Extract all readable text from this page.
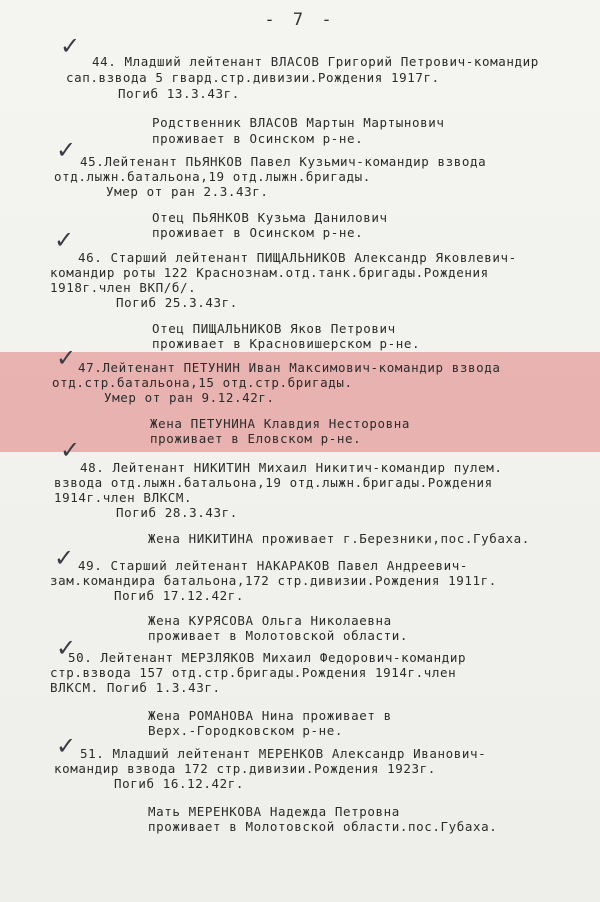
- 7 -
✓
✓
✓
✓
✓
✓
✓
✓
44. Младший лейтенант ВЛАСОВ Григорий Петрович-командир
сап.взвода 5 гвард.стр.дивизии.Рождения 1917г.
Погиб 13.3.43г.
Родственник ВЛАСОВ Мартын Мартынович
проживает в Осинском р-не.
45.Лейтенант ПЬЯНКОВ Павел Кузьмич-командир взвода
отд.лыжн.батальона,19 отд.лыжн.бригады.
Умер от ран 2.3.43г.
Отец ПЬЯНКОВ Кузьма Данилович
проживает в Осинском р-не.
46. Старший лейтенант ПИЩАЛЬНИКОВ Александр Яковлевич-
командир роты 122 Краснознам.отд.танк.бригады.Рождения
1918г.член ВКП/б/.
Погиб 25.3.43г.
Отец ПИЩАЛЬНИКОВ Яков Петрович
проживает в Красновишерском р-не.
47.Лейтенант ПЕТУНИН Иван Максимович-командир взвода
отд.стр.батальона,15 отд.стр.бригады.
Умер от ран 9.12.42г.
Жена ПЕТУНИНА Клавдия Несторовна
проживает в Еловском р-не.
48. Лейтенант НИКИТИН Михаил Никитич-командир пулем.
взвода отд.лыжн.батальона,19 отд.лыжн.бригады.Рождения
1914г.член ВЛКСМ.
Погиб 28.3.43г.
Жена НИКИТИНА проживает г.Березники,пос.Губаха.
49. Старший лейтенант НАКАРАКОВ Павел Андреевич-
зам.командира батальона,172 стр.дивизии.Рождения 1911г.
Погиб 17.12.42г.
Жена КУРЯСОВА Ольга Николаевна
проживает в Молотовской области.
50. Лейтенант МЕРЗЛЯКОВ Михаил Федорович-командир
стр.взвода 157 отд.стр.бригады.Рождения 1914г.член
ВЛКСМ. Погиб 1.3.43г.
Жена РОМАНОВА Нина проживает в
Верх.-Городковском р-не.
51. Младший лейтенант МЕРЕНКОВ Александр Иванович-
командир взвода 172 стр.дивизии.Рождения 1923г.
Погиб 16.12.42г.
Мать МЕРЕНКОВА Надежда Петровна
проживает в Молотовской области.пос.Губаха.
